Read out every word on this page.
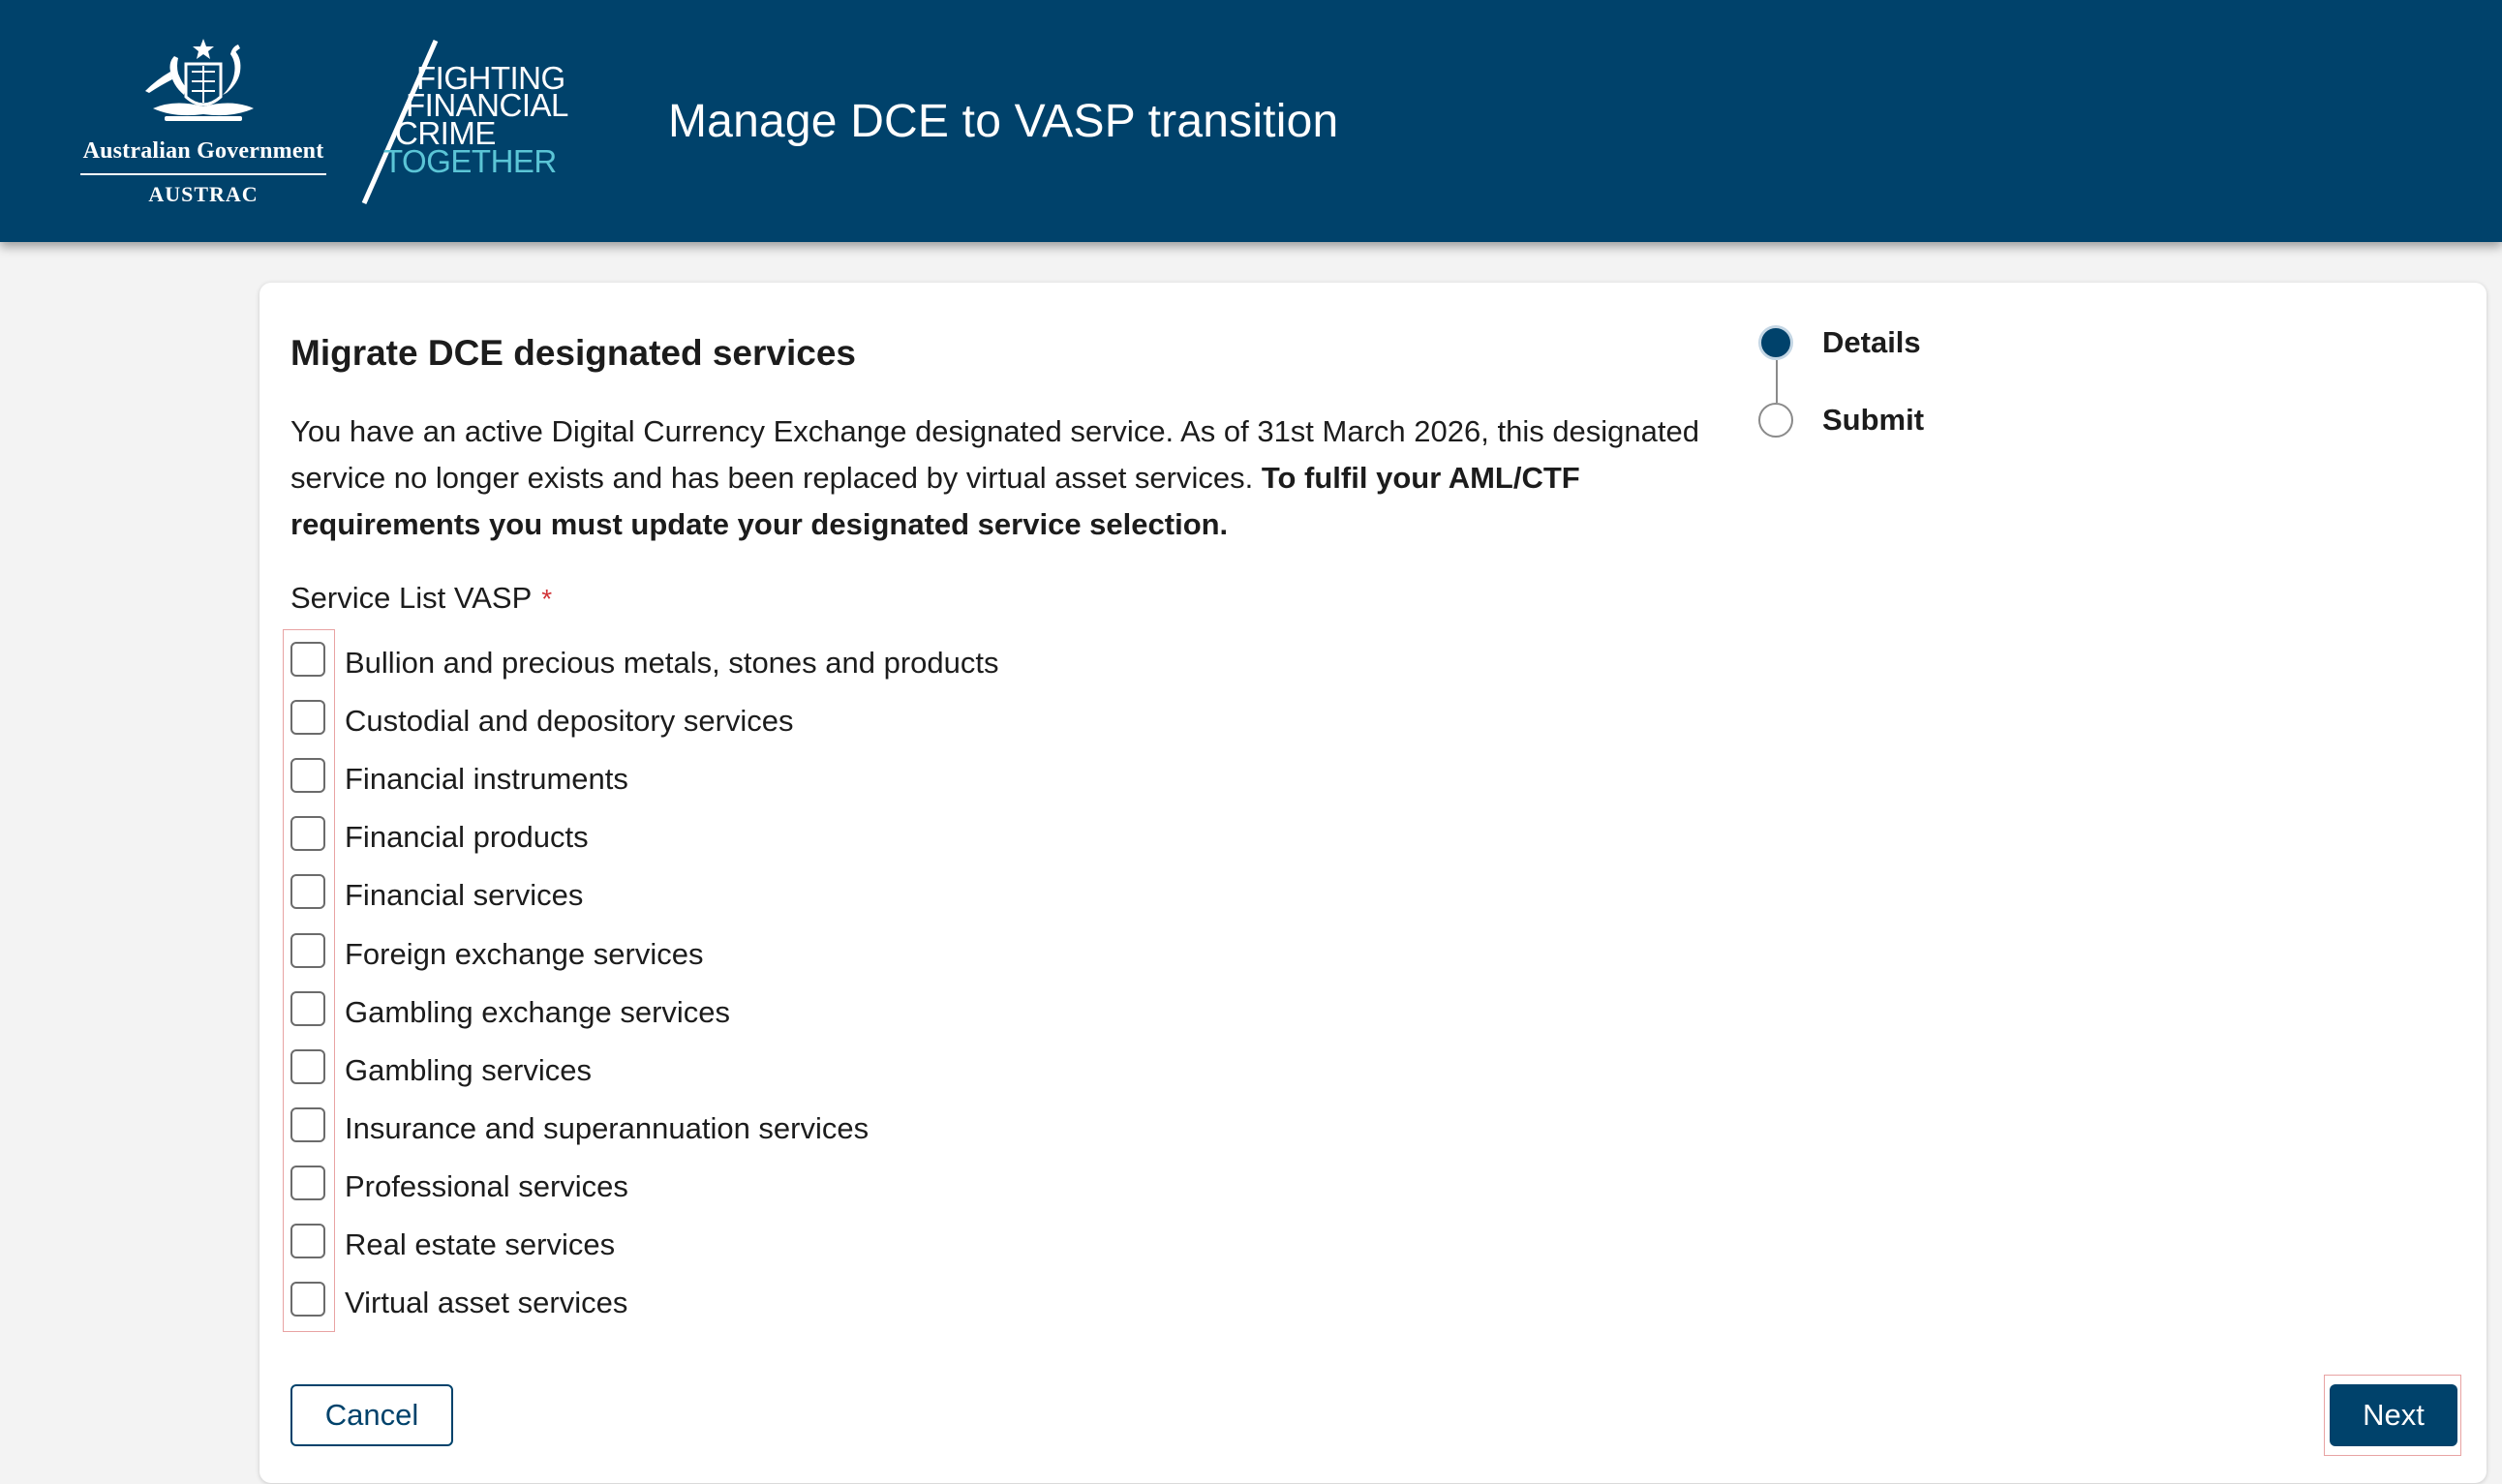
Australian Government
AUSTRAC
FIGHTING
FINANCIAL
CRIME
TOGETHER
Manage DCE to VASP transition
Migrate DCE designated services

You have an active Digital Currency Exchange designated service. As of 31st March 2026, this designated service no longer exists and has been replaced by virtual asset services. To fulfil your AML/CTF requirements you must update your designated service selection.

Service List VASP *
Bullion and precious metals, stones and products
Custodial and depository services
Financial instruments
Financial products
Financial services
Foreign exchange services
Gambling exchange services
Gambling services
Insurance and superannuation services
Professional services
Real estate services
Virtual asset services
Details
Submit
Cancel	Next
